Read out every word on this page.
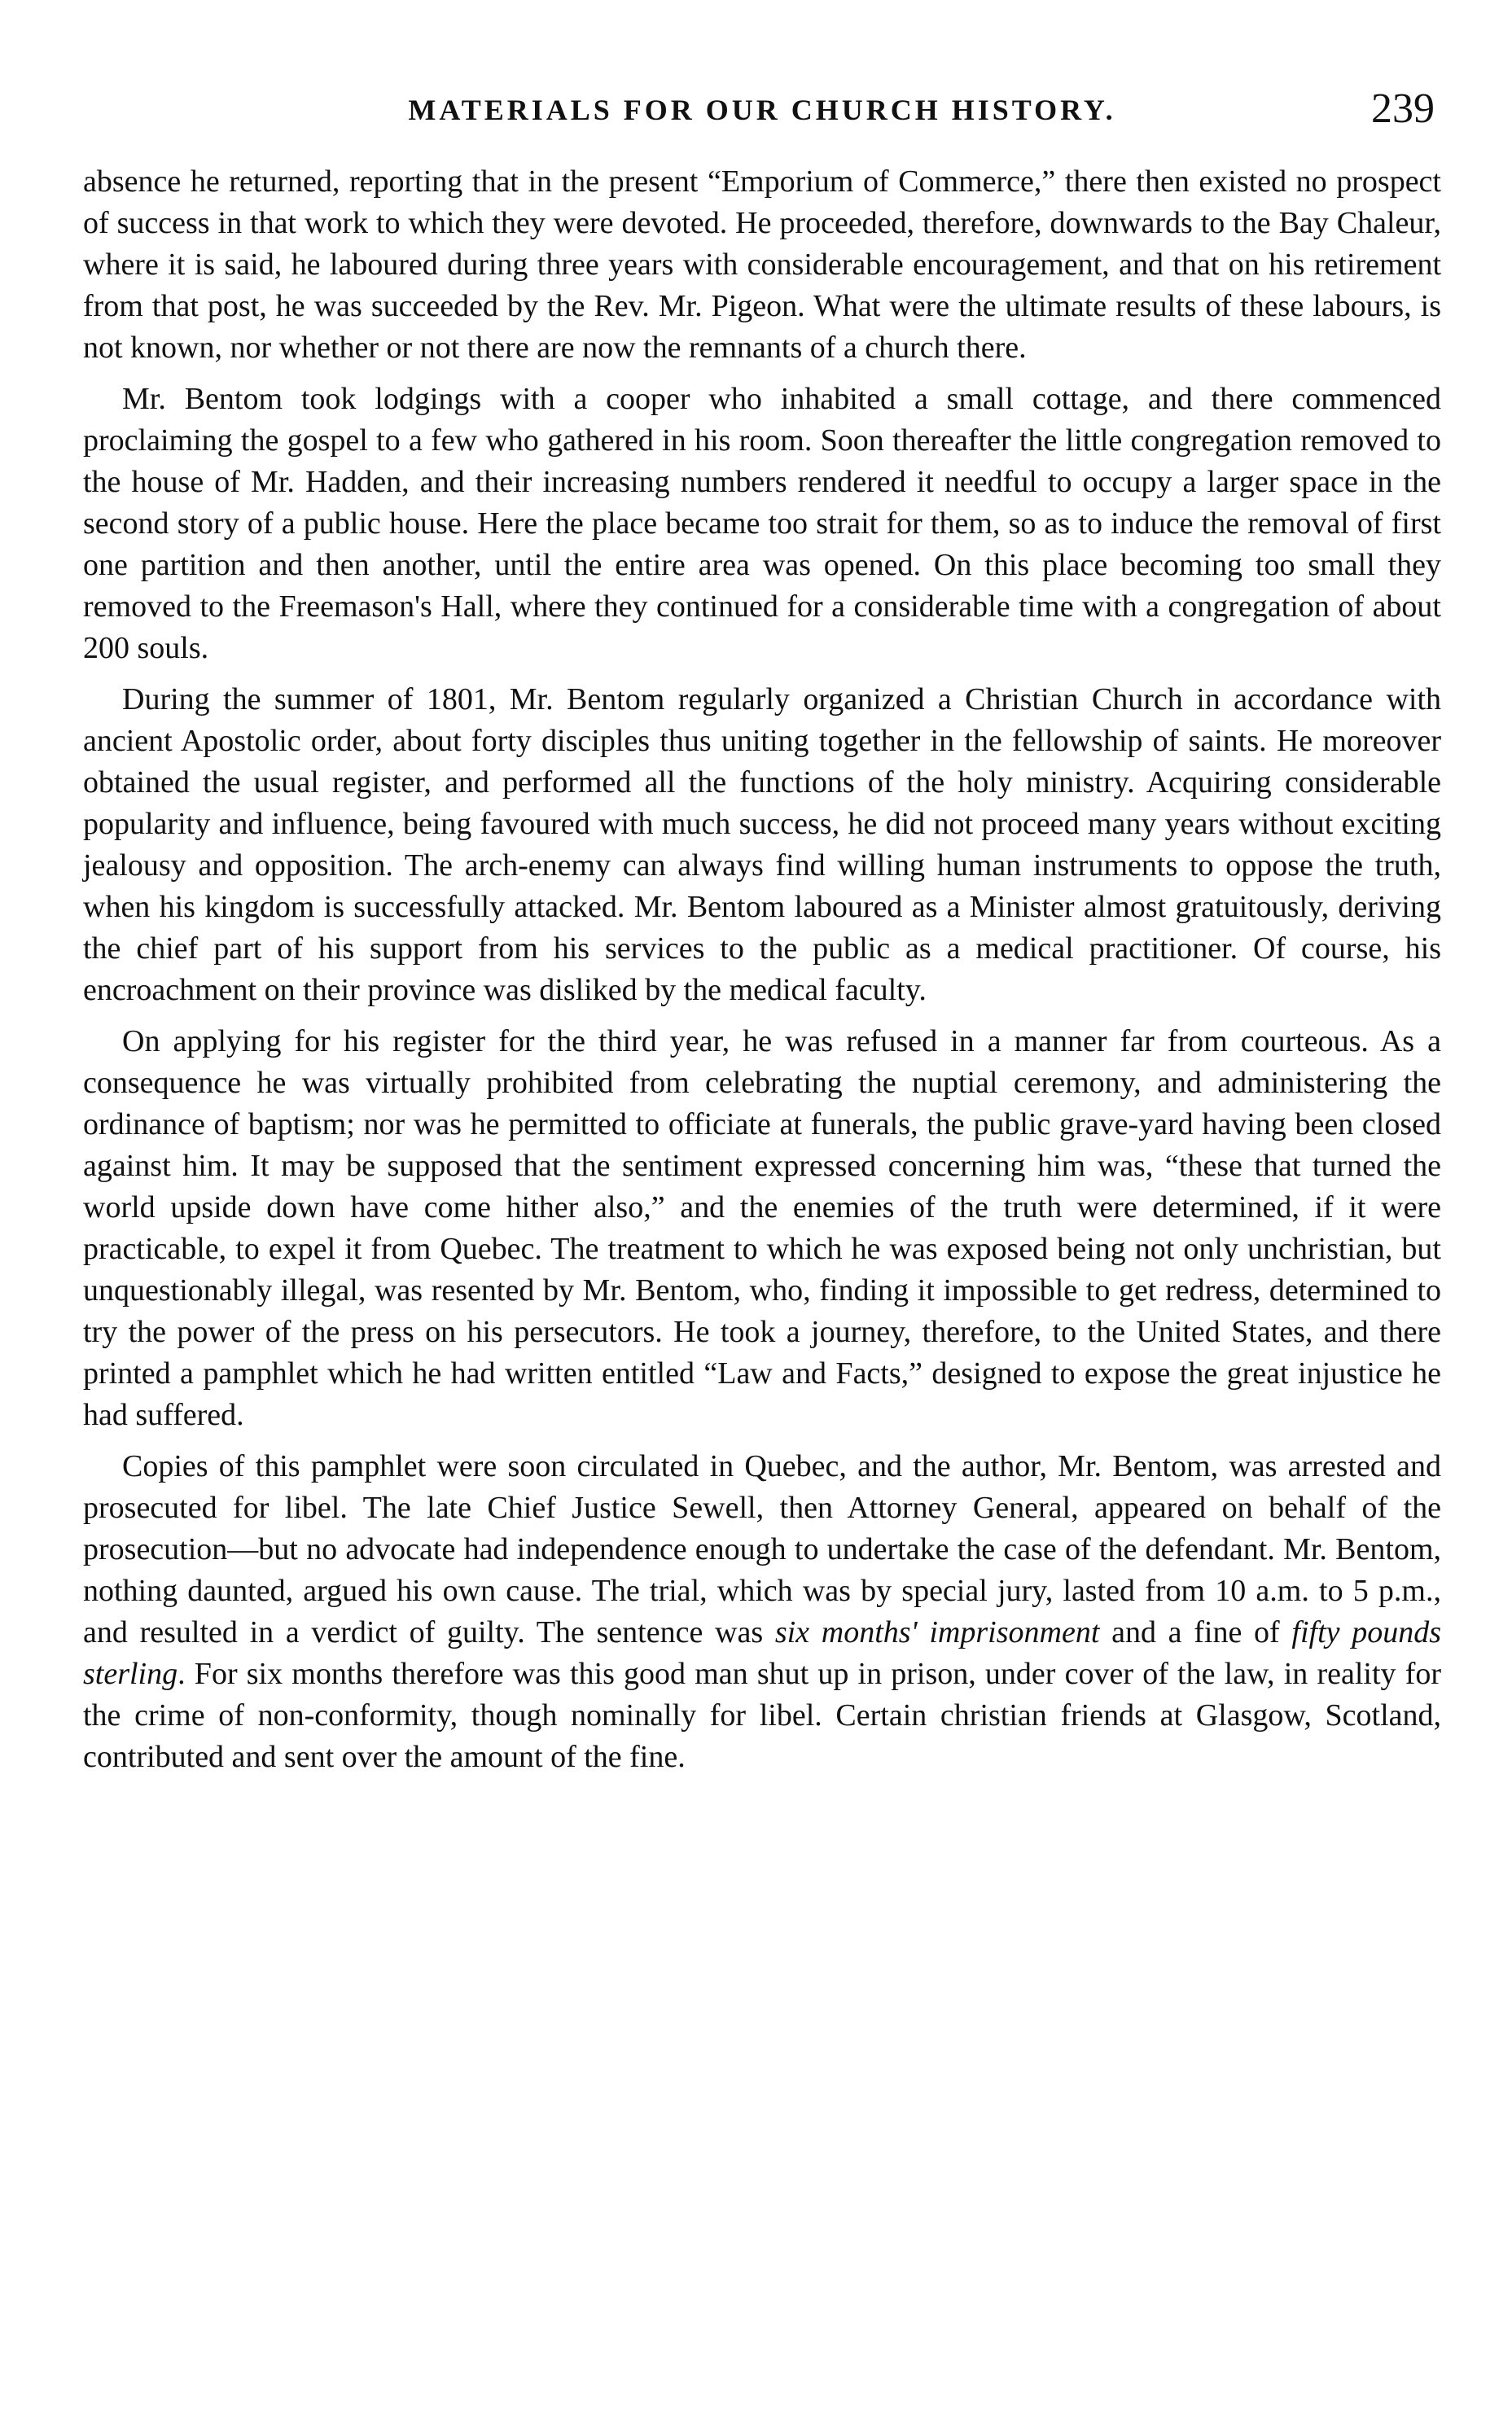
MATERIALS FOR OUR CHURCH HISTORY.	239

absence he returned, reporting that in the present “Emporium of Commerce,” there then existed no prospect of success in that work to which they were devoted. He proceeded, therefore, downwards to the Bay Chaleur, where it is said, he laboured during three years with considerable encouragement, and that on his retirement from that post, he was succeeded by the Rev. Mr. Pigeon. What were the ultimate results of these labours, is not known, nor whether or not there are now the remnants of a church there.

Mr. Bentom took lodgings with a cooper who inhabited a small cottage, and there commenced proclaiming the gospel to a few who gathered in his room. Soon thereafter the little congregation removed to the house of Mr. Hadden, and their increasing numbers rendered it needful to occupy a larger space in the second story of a public house. Here the place became too strait for them, so as to induce the removal of first one partition and then another, until the entire area was opened. On this place becoming too small they removed to the Freemason's Hall, where they continued for a considerable time with a congregation of about 200 souls.

During the summer of 1801, Mr. Bentom regularly organized a Christian Church in accordance with ancient Apostolic order, about forty disciples thus uniting together in the fellowship of saints. He moreover obtained the usual register, and performed all the functions of the holy ministry. Acquiring considerable popularity and influence, being favoured with much success, he did not proceed many years without exciting jealousy and opposition. The arch-enemy can always find willing human instruments to oppose the truth, when his kingdom is successfully attacked. Mr. Bentom laboured as a Minister almost gratuitously, deriving the chief part of his support from his services to the public as a medical practitioner. Of course, his encroachment on their province was disliked by the medical faculty.

On applying for his register for the third year, he was refused in a manner far from courteous. As a consequence he was virtually prohibited from celebrating the nuptial ceremony, and administering the ordinance of baptism; nor was he permitted to officiate at funerals, the public grave-yard having been closed against him. It may be supposed that the sentiment expressed concerning him was, “these that turned the world upside down have come hither also,” and the enemies of the truth were determined, if it were practicable, to expel it from Quebec. The treatment to which he was exposed being not only unchristian, but unquestionably illegal, was resented by Mr. Bentom, who, finding it impossible to get redress, determined to try the power of the press on his persecutors. He took a journey, therefore, to the United States, and there printed a pamphlet which he had written entitled “Law and Facts,” designed to expose the great injustice he had suffered.

Copies of this pamphlet were soon circulated in Quebec, and the author, Mr. Bentom, was arrested and prosecuted for libel. The late Chief Justice Sewell, then Attorney General, appeared on behalf of the prosecution—but no advocate had independence enough to undertake the case of the defendant. Mr. Bentom, nothing daunted, argued his own cause. The trial, which was by special jury, lasted from 10 a.m. to 5 p.m., and resulted in a verdict of guilty. The sentence was six months' imprisonment and a fine of fifty pounds sterling. For six months therefore was this good man shut up in prison, under cover of the law, in reality for the crime of non-conformity, though nominally for libel. Certain christian friends at Glasgow, Scotland, contributed and sent over the amount of the fine.
